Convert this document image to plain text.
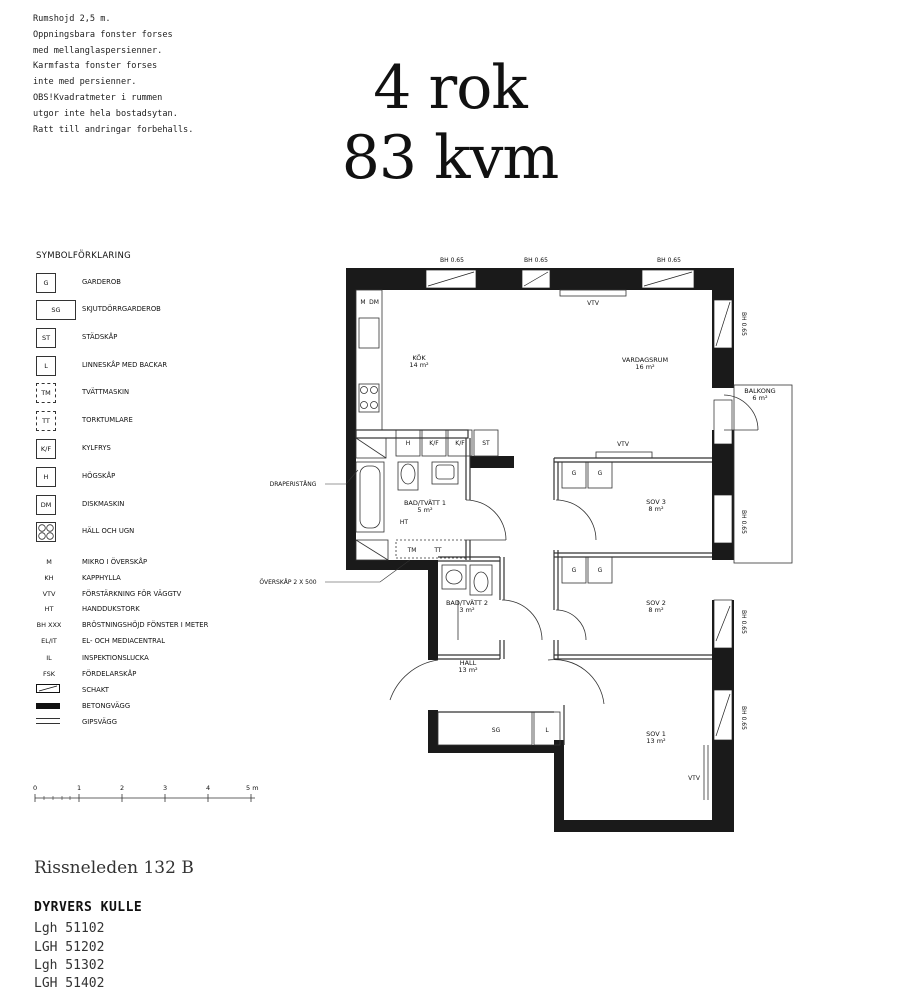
Rumshojd 2,5 m.
Oppningsbara fonster forses
med mellanglaspersienner.
Karmfasta fonster forses
inte med persienner.
OBS!Kvadratmeter i rummen
utgor inte hela bostadsytan.
Ratt till andringar forbehalls.
4 rok
83 kvm
SYMBOLFÖRKLARING
G	GARDEROB
SG	SKJUTDÖRRGARDEROB
ST	STÄDSKÅP
L	LINNESKÅP MED BACKAR
TM	TVÄTTMASKIN
TT	TORKTUMLARE
K/F	KYLFRYS
H	HÖGSKÅP
DM	DISKMASKIN
HÄLL OCH UGN
M	MIKRO I ÖVERSKÅP
KH	KAPPHYLLA
VTV	FÖRSTÄRKNING FÖR VÄGGTV
HT	HANDDUKSTORK
BH XXX	BRÖSTNINGSHÖJD FÖNSTER I METER
EL/IT	EL- OCH MEDIACENTRAL
IL	INSPEKTIONSLUCKA
FSK	FÖRDELARSKÅP
SCHAKT
BETONGVÄGG
GIPSVÄGG
0	1	2	3	4	5 m
KÖK
14 m²
VARDAGSRUM
16 m²
BALKONG
6 m²
BAD/TVÄTT 1
5 m²
SOV 3
8 m²
SOV 2
8 m²
BAD/TVÄTT 2
3 m²
HALL
13 m²
SOV 1
13 m²
BH 0.65	BH 0.65	BH 0.65
BH 0.65
BH 0.65
BH 0.65
BH 0.65
DRAPERISTÅNG
ÖVERSKÅP 2 X 500
VTV
VTV
VTV
HT
M DM
H	K/F	K/F	ST
G	G
G	G
SG	L
TM	TT
Rissneleden 132 B
DYRVERS KULLE
Lgh 51102
LGH 51202
Lgh 51302
LGH 51402
